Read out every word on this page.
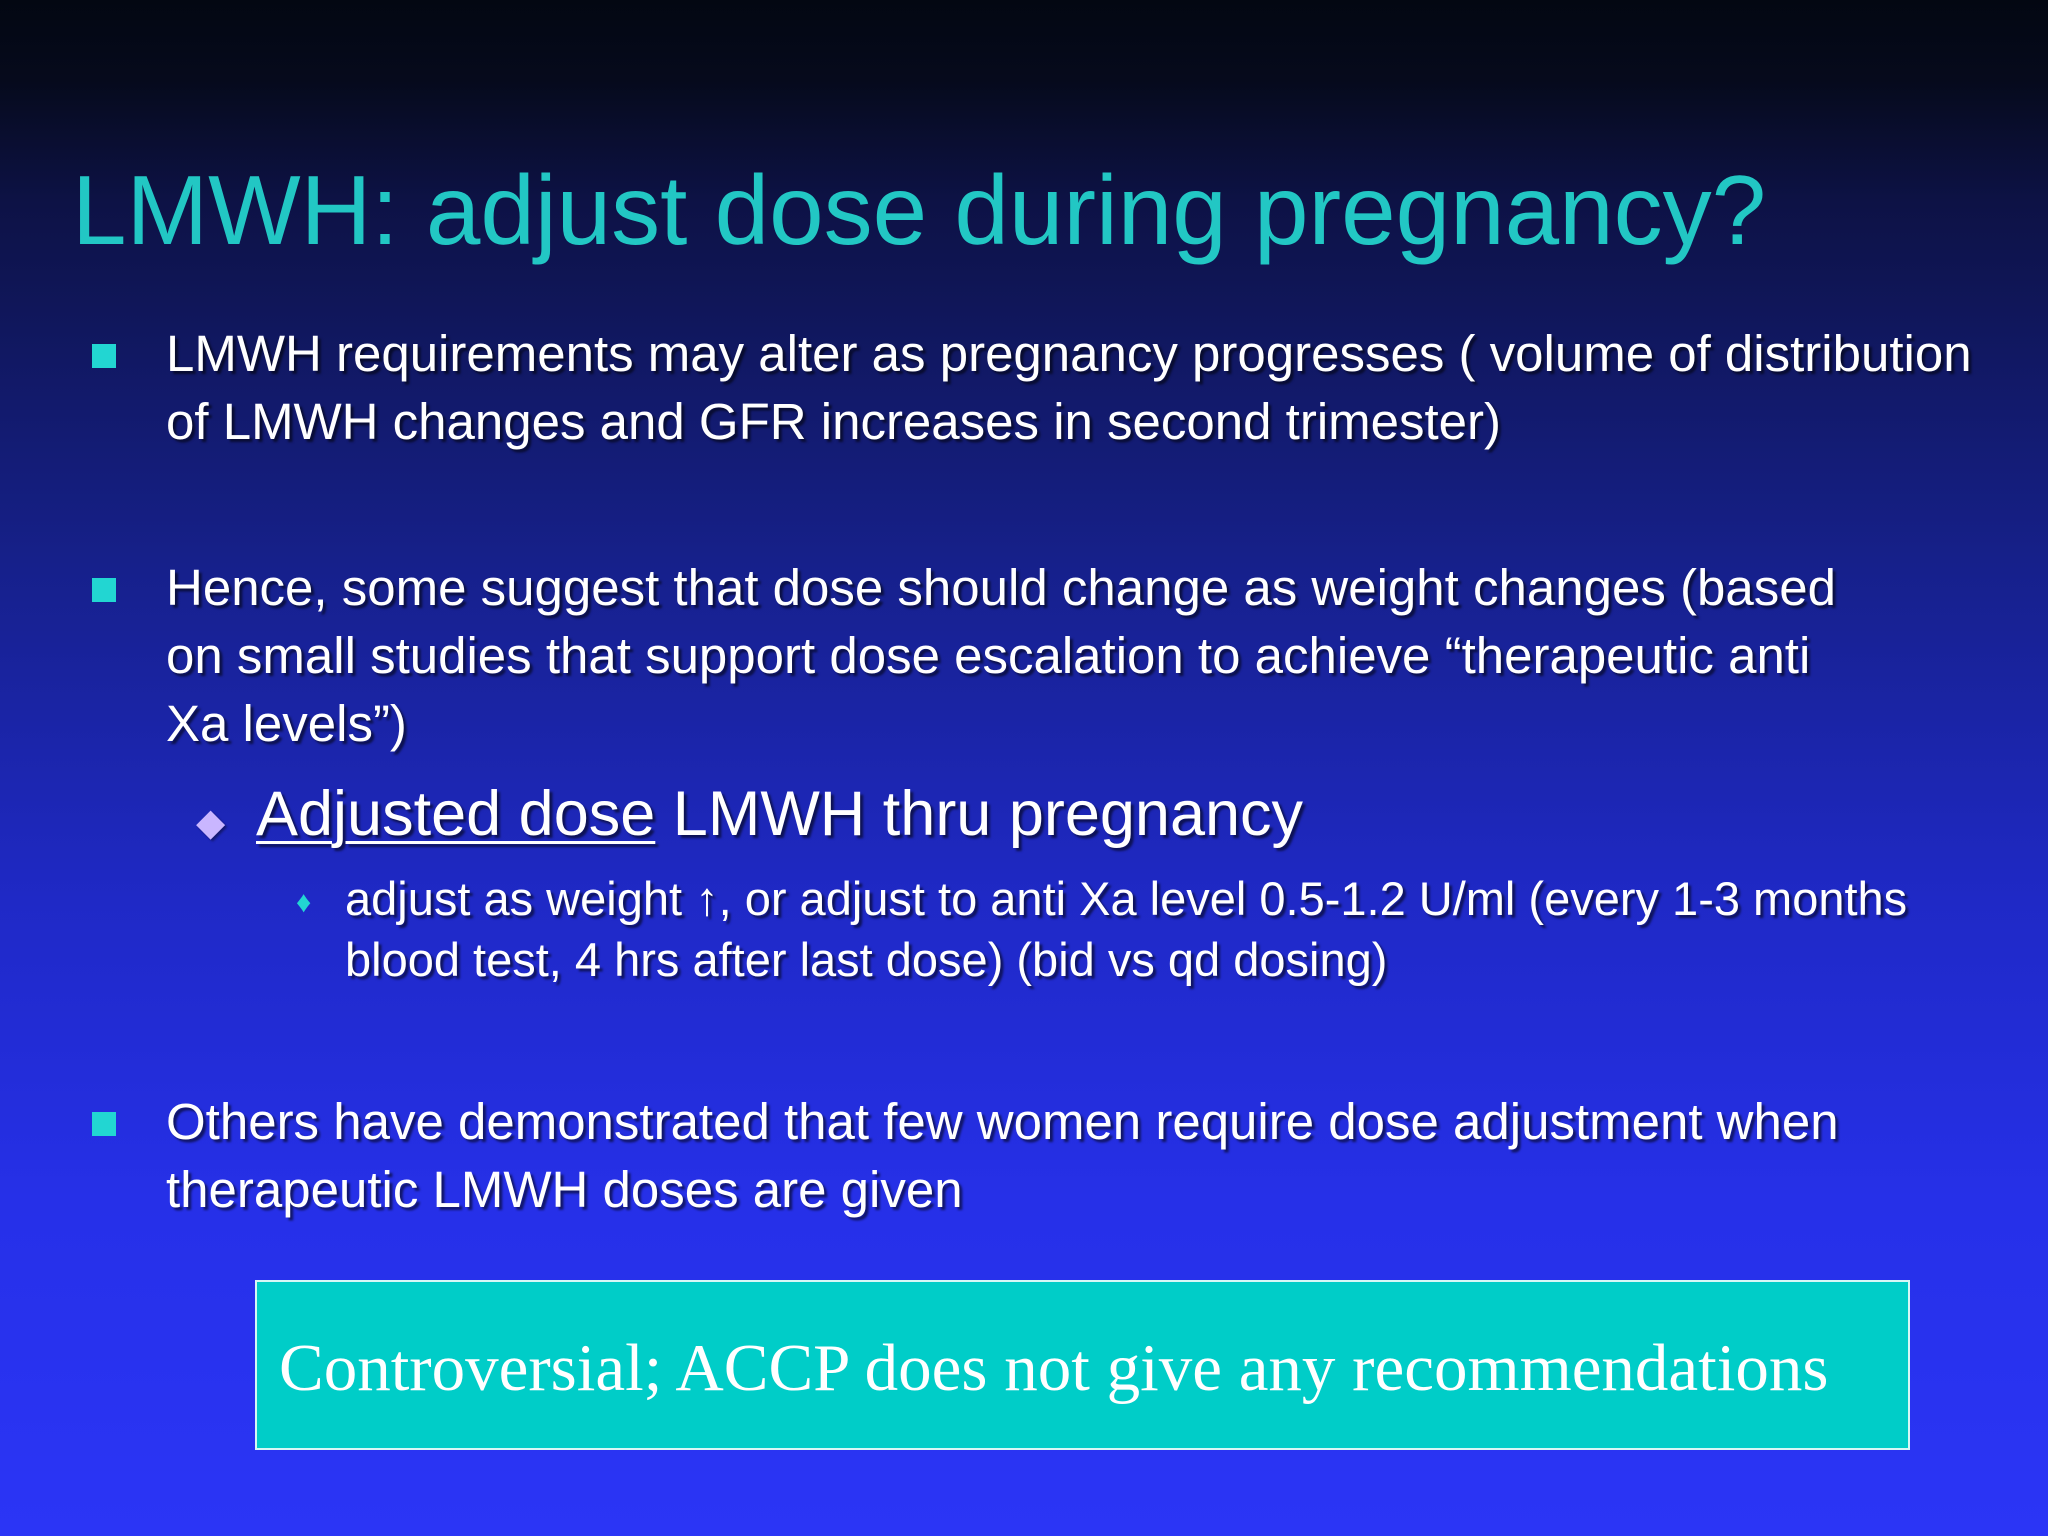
LMWH: adjust dose during pregnancy?
LMWH requirements may alter as pregnancy progresses ( volume of distribution of LMWH changes and GFR increases in second trimester)
Hence, some suggest that dose should change as weight changes (based on small studies that support dose escalation to achieve “therapeutic anti Xa levels”)
◆ Adjusted dose LMWH thru pregnancy
♦ adjust as weight ↑, or adjust to anti Xa level 0.5-1.2 U/ml (every 1-3 months blood test, 4 hrs after last dose) (bid vs qd dosing)
Others have demonstrated that few women require dose adjustment when therapeutic LMWH doses are given
Controversial; ACCP does not give any recommendations
